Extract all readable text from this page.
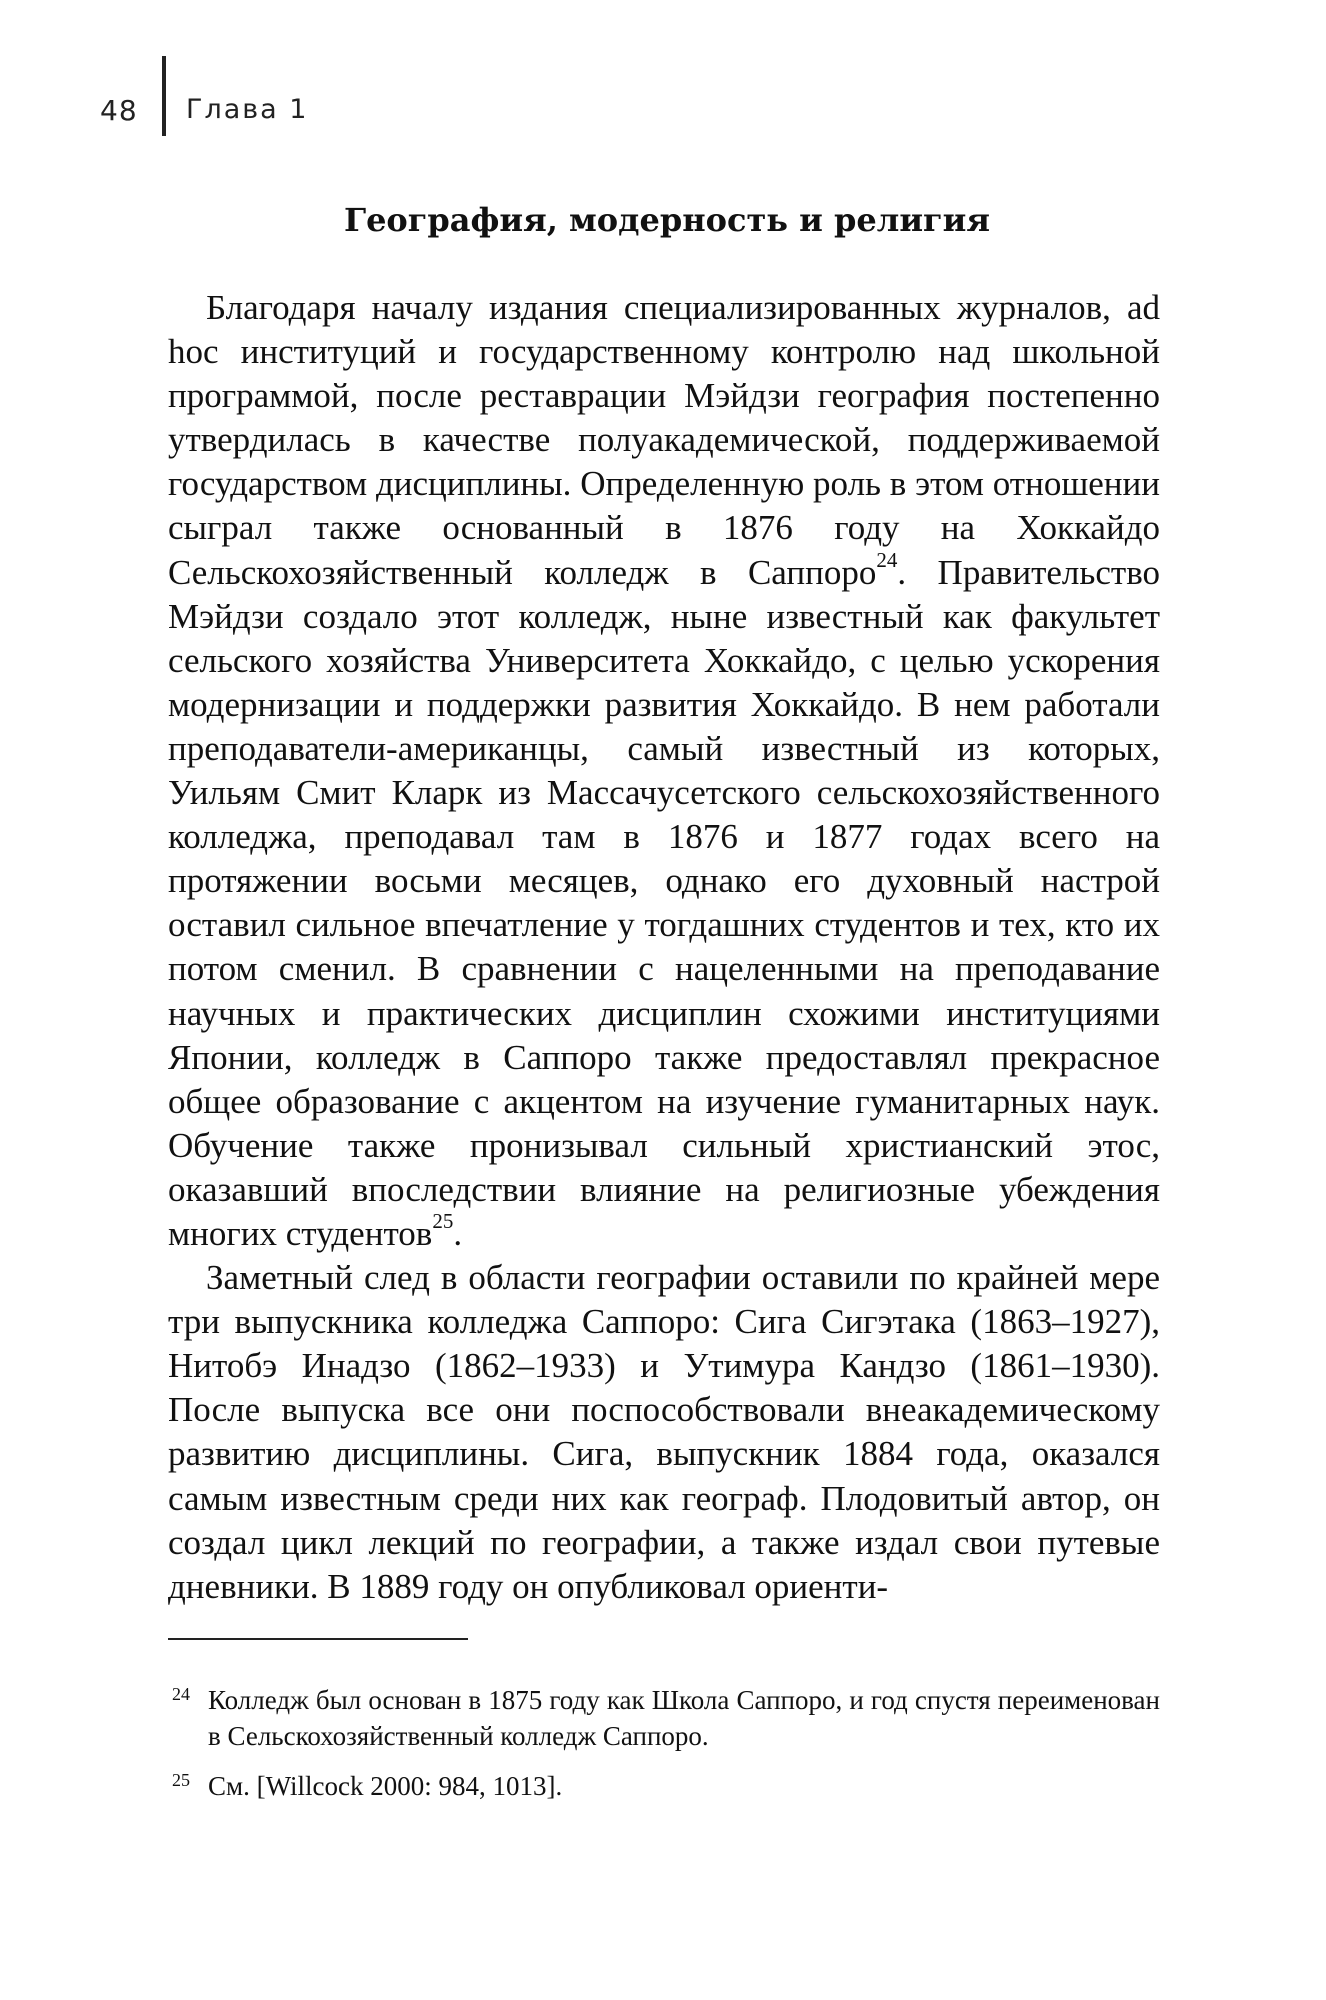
48 Глава 1
География, модерность и религия

Благодаря началу издания специализированных журналов, ad hoc институций и государственному контролю над школьной программой, после реставрации Мэйдзи география постепенно утвердилась в качестве полуакадемической, поддерживаемой государством дисциплины. Определенную роль в этом отношении сыграл также основанный в 1876 году на Хоккайдо Сельскохозяйственный колледж в Саппоро$^{24}$. Правительство Мэйдзи создало этот колледж, ныне известный как факультет сельского хозяйства Университета Хоккайдо, с целью ускорения модернизации и поддержки развития Хоккайдо. В нем работали преподаватели-американцы, самый известный из которых, Уильям Смит Кларк из Массачусетского сельскохозяйственного колледжа, преподавал там в 1876 и 1877 годах всего на протяжении восьми месяцев, однако его духовный настрой оставил сильное впечатление у тогдашних студентов и тех, кто их потом сменил. В сравнении с нацеленными на преподавание научных и практических дисциплин схожими институциями Японии, колледж в Саппоро также предоставлял прекрасное общее образование с акцентом на изучение гуманитарных наук. Обучение также пронизывал сильный христианский этос, оказавший впоследствии влияние на религиозные убеждения многих студентов$^{25}$.

Заметный след в области географии оставили по крайней мере три выпускника колледжа Саппоро: Сига Сигэтака (1863–1927), Нитобэ Инадзо (1862–1933) и Утимура Кандзо (1861–1930). После выпуска все они поспособствовали внеакадемическому развитию дисциплины. Сига, выпускник 1884 года, оказался самым известным среди них как географ. Плодовитый автор, он создал цикл лекций по географии, а также издал свои путевые дневники. В 1889 году он опубликовал ориенти-

24 Колледж был основан в 1875 году как Школа Саппоро, и год спустя переименован в Сельскохозяйственный колледж Саппоро.
25 См. [Willcock 2000: 984, 1013].
